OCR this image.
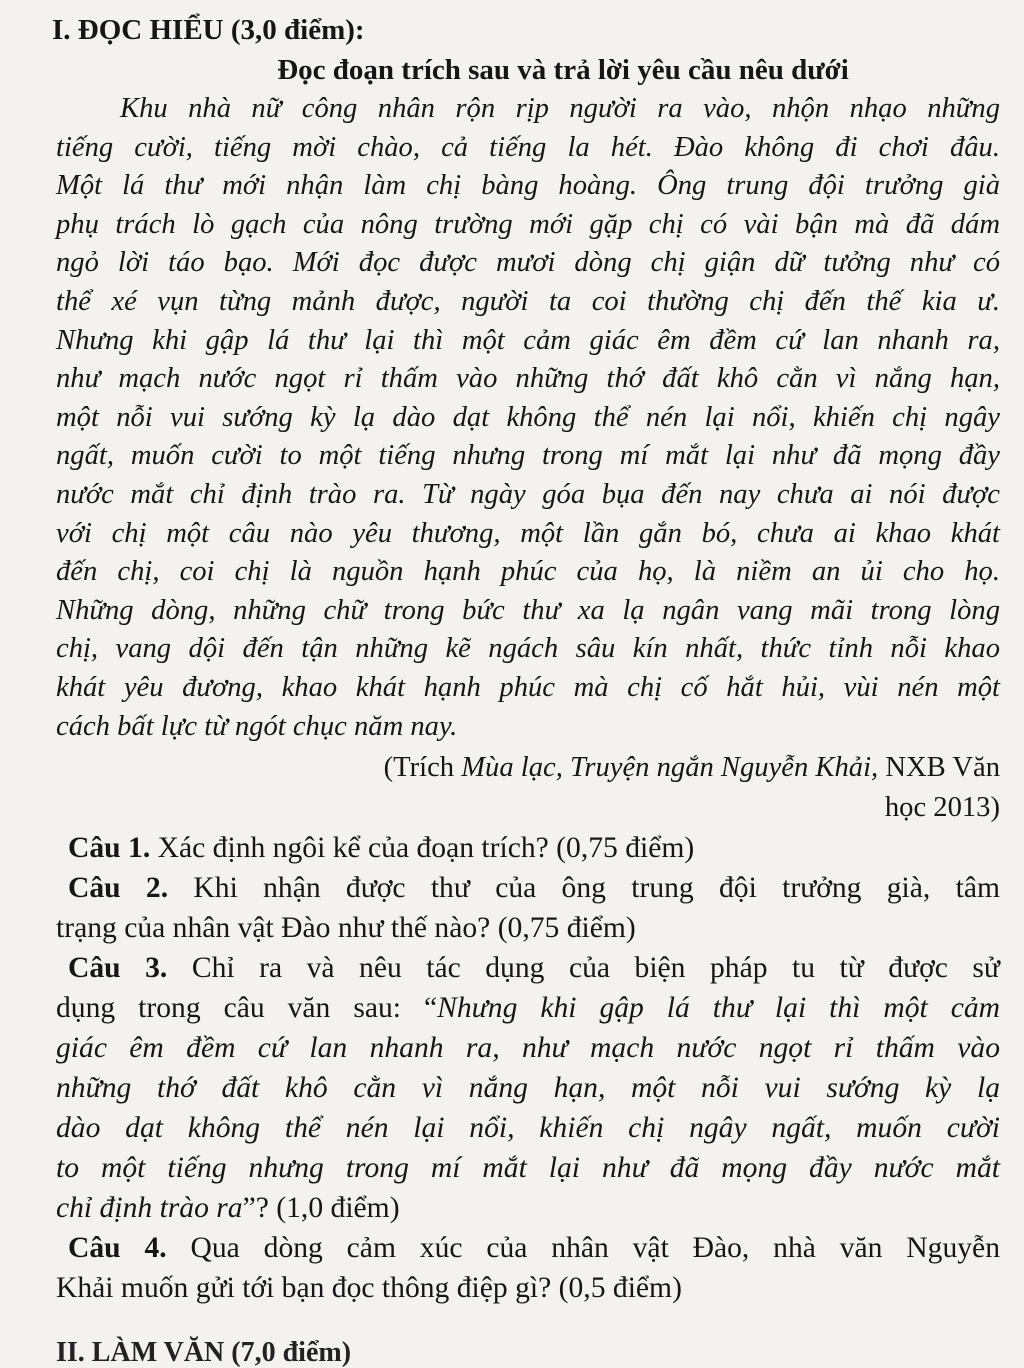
I. ĐỌC HIỂU (3,0 điểm):
Đọc đoạn trích sau và trả lời yêu cầu nêu dưới
Khu nhà nữ công nhân rộn rịp người ra vào, nhộn nhạo những
tiếng cười, tiếng mời chào, cả tiếng la hét. Đào không đi chơi đâu.
Một lá thư mới nhận làm chị bàng hoàng. Ông trung đội trưởng già
phụ trách lò gạch của nông trường mới gặp chị có vài bận mà đã dám
ngỏ lời táo bạo. Mới đọc được mươi dòng chị giận dữ tưởng như có
thể xé vụn từng mảnh được, người ta coi thường chị đến thế kia ư.
Nhưng khi gập lá thư lại thì một cảm giác êm đềm cứ lan nhanh ra,
như mạch nước ngọt rỉ thấm vào những thớ đất khô cằn vì nắng hạn,
một nỗi vui sướng kỳ lạ dào dạt không thể nén lại nổi, khiến chị ngây
ngất, muốn cười to một tiếng nhưng trong mí mắt lại như đã mọng đầy
nước mắt chỉ định trào ra. Từ ngày góa bụa đến nay chưa ai nói được
với chị một câu nào yêu thương, một lần gắn bó, chưa ai khao khát
đến chị, coi chị là nguồn hạnh phúc của họ, là niềm an ủi cho họ.
Những dòng, những chữ trong bức thư xa lạ ngân vang mãi trong lòng
chị, vang dội đến tận những kẽ ngách sâu kín nhất, thức tỉnh nỗi khao
khát yêu đương, khao khát hạnh phúc mà chị cố hắt hủi, vùi nén một
cách bất lực từ ngót chục năm nay.
(Trích Mùa lạc, Truyện ngắn Nguyễn Khải, NXB Văn
học 2013)
Câu 1. Xác định ngôi kể của đoạn trích? (0,75 điểm)
Câu 2. Khi nhận được thư của ông trung đội trưởng già, tâm
trạng của nhân vật Đào như thế nào? (0,75 điểm)
Câu 3. Chỉ ra và nêu tác dụng của biện pháp tu từ được sử
dụng trong câu văn sau: “Nhưng khi gập lá thư lại thì một cảm
giác êm đềm cứ lan nhanh ra, như mạch nước ngọt rỉ thấm vào
những thớ đất khô cằn vì nắng hạn, một nỗi vui sướng kỳ lạ
dào dạt không thể nén lại nổi, khiến chị ngây ngất, muốn cười
to một tiếng nhưng trong mí mắt lại như đã mọng đầy nước mắt
chỉ định trào ra”? (1,0 điểm)
Câu 4. Qua dòng cảm xúc của nhân vật Đào, nhà văn Nguyễn
Khải muốn gửi tới bạn đọc thông điệp gì? (0,5 điểm)
II. LÀM VĂN (7,0 điểm)
